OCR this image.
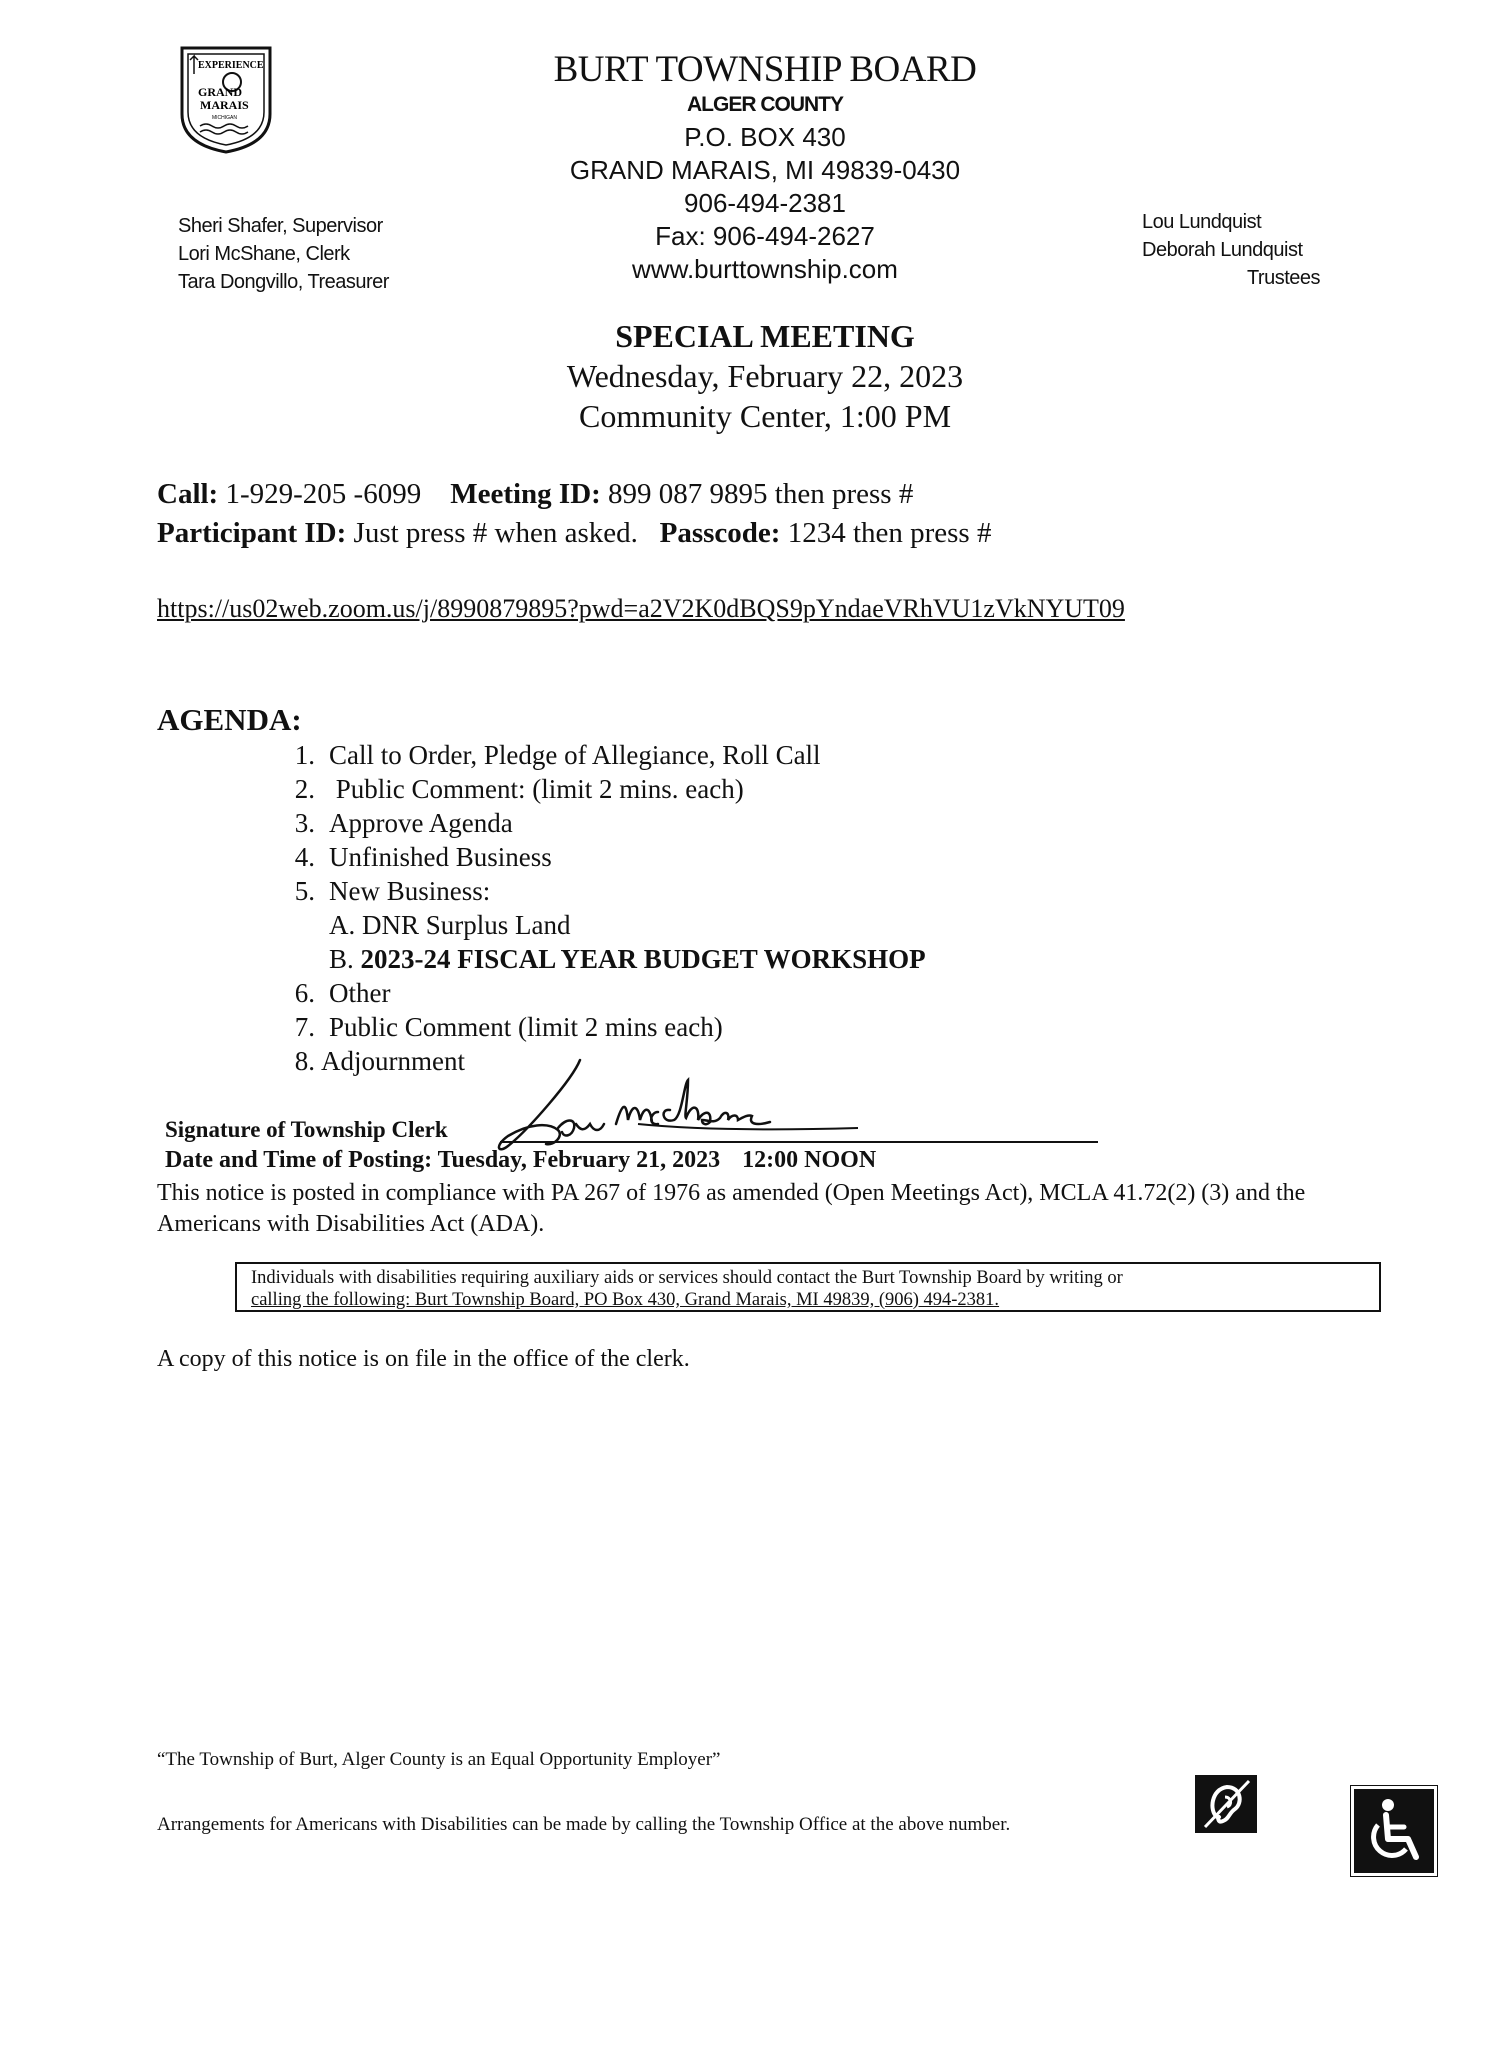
EXPERIENCE
GRAND
MARAIS
MICHIGAN
BURT TOWNSHIP BOARD
ALGER COUNTY
P.O. BOX 430
GRAND MARAIS, MI 49839-0430
906-494-2381
Fax: 906-494-2627
www.burttownship.com
Sheri Shafer, Supervisor
Lori McShane, Clerk
Tara Dongvillo, Treasurer
Lou Lundquist
Deborah Lundquist
Trustees
SPECIAL MEETING
Wednesday, February 22, 2023
Community Center, 1:00 PM
Call: 1-929-205 -6099 Meeting ID: 899 087 9895 then press #
Participant ID: Just press # when asked. Passcode: 1234 then press #
https://us02web.zoom.us/j/8990879895?pwd=a2V2K0dBQS9pYndaeVRhVU1zVkNYUT09
AGENDA:
1. Call to Order, Pledge of Allegiance, Roll Call
2. Public Comment: (limit 2 mins. each)
3. Approve Agenda
4. Unfinished Business
5. New Business:
A. DNR Surplus Land
B. 2023-24 FISCAL YEAR BUDGET WORKSHOP
6. Other
7. Public Comment (limit 2 mins each)
8. Adjournment
Signature of Township Clerk
Date and Time of Posting: Tuesday, February 21, 2023 12:00 NOON
This notice is posted in compliance with PA 267 of 1976 as amended (Open Meetings Act), MCLA 41.72(2) (3) and the Americans with Disabilities Act (ADA).
Individuals with disabilities requiring auxiliary aids or services should contact the Burt Township Board by writing or
calling the following: Burt Township Board, PO Box 430, Grand Marais, MI 49839, (906) 494-2381.
A copy of this notice is on file in the office of the clerk.
“The Township of Burt, Alger County is an Equal Opportunity Employer”
Arrangements for Americans with Disabilities can be made by calling the Township Office at the above number.
